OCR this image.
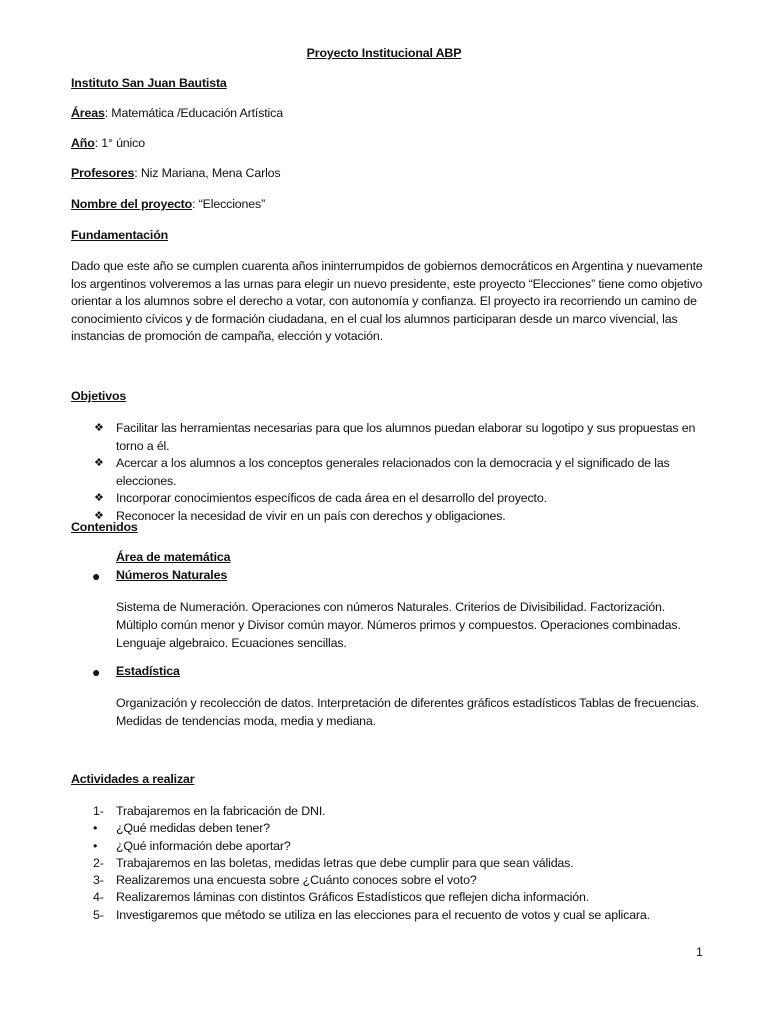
Proyecto Institucional ABP
Instituto San Juan Bautista
Áreas: Matemática /Educación Artística
Año: 1° único
Profesores: Niz Mariana, Mena Carlos
Nombre del proyecto: “Elecciones”
Fundamentación
Dado que este año se cumplen cuarenta años ininterrumpidos de gobiernos democráticos en Argentina y nuevamente los argentinos volveremos a las urnas para elegir un nuevo presidente, este proyecto “Elecciones” tiene como objetivo orientar a los alumnos sobre el derecho a votar, con autonomía y confianza. El proyecto ira recorriendo un camino de conocimiento cívicos y de formación ciudadana, en el cual los alumnos participaran desde un marco vivencial, las instancias de promoción de campaña, elección y votación.
Objetivos
❖ Facilitar las herramientas necesarias para que los alumnos puedan elaborar su logotipo y sus propuestas en torno a él.
❖ Acercar a los alumnos a los conceptos generales relacionados con la democracia y el significado de las elecciones.
❖ Incorporar conocimientos específicos de cada área en el desarrollo del proyecto.
❖ Reconocer la necesidad de vivir en un país con derechos y obligaciones.
Contenidos
Área de matemática
● Números Naturales
Sistema de Numeración. Operaciones con números Naturales. Criterios de Divisibilidad. Factorización. Múltiplo común menor y Divisor común mayor. Números primos y compuestos. Operaciones combinadas. Lenguaje algebraico. Ecuaciones sencillas.
● Estadística
Organización y recolección de datos. Interpretación de diferentes gráficos estadísticos Tablas de frecuencias. Medidas de tendencias moda, media y mediana.
Actividades a realizar
1- Trabajaremos en la fabricación de DNI.
• ¿Qué medidas deben tener?
• ¿Qué información debe aportar?
2- Trabajaremos en las boletas, medidas letras que debe cumplir para que sean válidas.
3- Realizaremos una encuesta sobre ¿Cuánto conoces sobre el voto?
4- Realizaremos láminas con distintos Gráficos Estadísticos que reflejen dicha información.
5- Investigaremos que método se utiliza en las elecciones para el recuento de votos y cual se aplicara.
1
